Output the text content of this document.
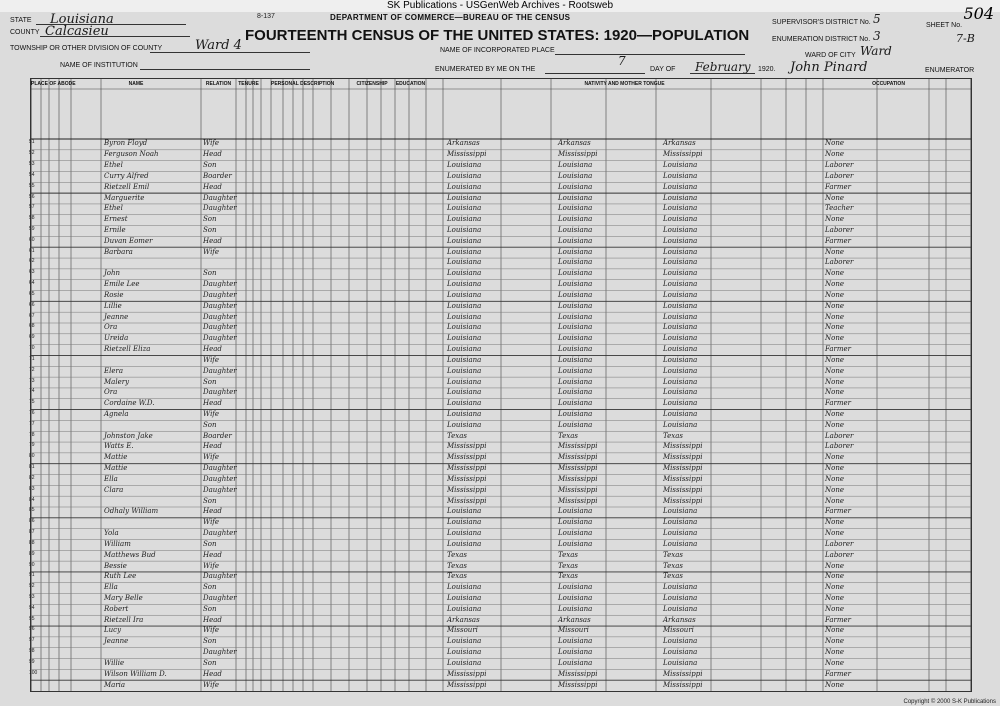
SK Publications - USGenWeb Archives - Rootsweb
8-137	DEPARTMENT OF COMMERCE—BUREAU OF THE CENSUS
FOURTEENTH CENSUS OF THE UNITED STATES: 1920—POPULATION
STATE Louisiana
COUNTY Calcasieu
TOWNSHIP OR OTHER DIVISION OF COUNTY	Ward 4
NAME OF INSTITUTION
NAME OF INCORPORATED PLACE
ENUMERATED BY ME ON THE
7
DAY OF February 1920.
SUPERVISOR'S DISTRICT No. 5
ENUMERATION DISTRICT No. 3
SHEET No.
504
7-B
WARD OF CITY Ward
John Pinard	ENUMERATOR
PLACE OF ABODE	NAME	RELATION	TENURE	PERSONAL DESCRIPTION	CITIZENSHIP	EDUCATION	NATIVITY AND MOTHER TONGUE	OCCUPATION
51	Byron Floyd	Wife	Arkansas	Arkansas	Arkansas	None
52	Ferguson Noah	Head	Mississippi	Mississippi	Mississippi	None
53	Ethel	Son	Louisiana	Louisiana	Louisiana	Laborer
54	Curry Alfred	Boarder	Louisiana	Louisiana	Louisiana	Laborer
55	Rietzell Emil	Head	Louisiana	Louisiana	Louisiana	Farmer
56	Marguerite	Daughter	Louisiana	Louisiana	Louisiana	None
57	Ethel	Daughter	Louisiana	Louisiana	Louisiana	Teacher
58	Ernest	Son	Louisiana	Louisiana	Louisiana	None
59	Ernile	Son	Louisiana	Louisiana	Louisiana	Laborer
60	Duvan Eomer	Head	Louisiana	Louisiana	Louisiana	Farmer
61	Barbara	Wife	Louisiana	Louisiana	Louisiana	None
62	Louisiana	Louisiana	Louisiana	Laborer
63	John	Son	Louisiana	Louisiana	Louisiana	None
64	Emile Lee	Daughter	Louisiana	Louisiana	Louisiana	None
65	Rosie	Daughter	Louisiana	Louisiana	Louisiana	None
66	Lillie	Daughter	Louisiana	Louisiana	Louisiana	None
67	Jeanne	Daughter	Louisiana	Louisiana	Louisiana	None
68	Ora	Daughter	Louisiana	Louisiana	Louisiana	None
69	Ureida	Daughter	Louisiana	Louisiana	Louisiana	None
70	Rietzell Eliza	Head	Louisiana	Louisiana	Louisiana	Farmer
71	Wife	Louisiana	Louisiana	Louisiana	None
72	Elera	Daughter	Louisiana	Louisiana	Louisiana	None
73	Malery	Son	Louisiana	Louisiana	Louisiana	None
74	Ora	Daughter	Louisiana	Louisiana	Louisiana	None
75	Cordaine W.D.	Head	Louisiana	Louisiana	Louisiana	Farmer
76	Agnela	Wife	Louisiana	Louisiana	Louisiana	None
77	Son	Louisiana	Louisiana	Louisiana	None
78	Johnston Jake	Boarder	Texas	Texas	Texas	Laborer
79	Watts E.	Head	Mississippi	Mississippi	Mississippi	Laborer
80	Mattie	Wife	Mississippi	Mississippi	Mississippi	None
81	Mattie	Daughter	Mississippi	Mississippi	Mississippi	None
82	Ella	Daughter	Mississippi	Mississippi	Mississippi	None
83	Clara	Daughter	Mississippi	Mississippi	Mississippi	None
84	Son	Mississippi	Mississippi	Mississippi	None
85	Odhaly William	Head	Louisiana	Louisiana	Louisiana	Farmer
86	Wife	Louisiana	Louisiana	Louisiana	None
87	Yola	Daughter	Louisiana	Louisiana	Louisiana	None
88	William	Son	Louisiana	Louisiana	Louisiana	Laborer
89	Matthews Bud	Head	Texas	Texas	Texas	Laborer
90	Bessie	Wife	Texas	Texas	Texas	None
91	Ruth Lee	Daughter	Texas	Texas	Texas	None
92	Ella	Son	Louisiana	Louisiana	Louisiana	None
93	Mary Belle	Daughter	Louisiana	Louisiana	Louisiana	None
94	Robert	Son	Louisiana	Louisiana	Louisiana	None
95	Rietzell Ira	Head	Arkansas	Arkansas	Arkansas	Farmer
96	Lucy	Wife	Missouri	Missouri	Missouri	None
97	Jeanne	Son	Louisiana	Louisiana	Louisiana	None
98	Daughter	Louisiana	Louisiana	Louisiana	None
99	Willie	Son	Louisiana	Louisiana	Louisiana	None
100	Wilson William D.	Head	Mississippi	Mississippi	Mississippi	Farmer
Maria	Wife	Mississippi	Mississippi	Mississippi	None
Copyright © 2000 S-K Publications
